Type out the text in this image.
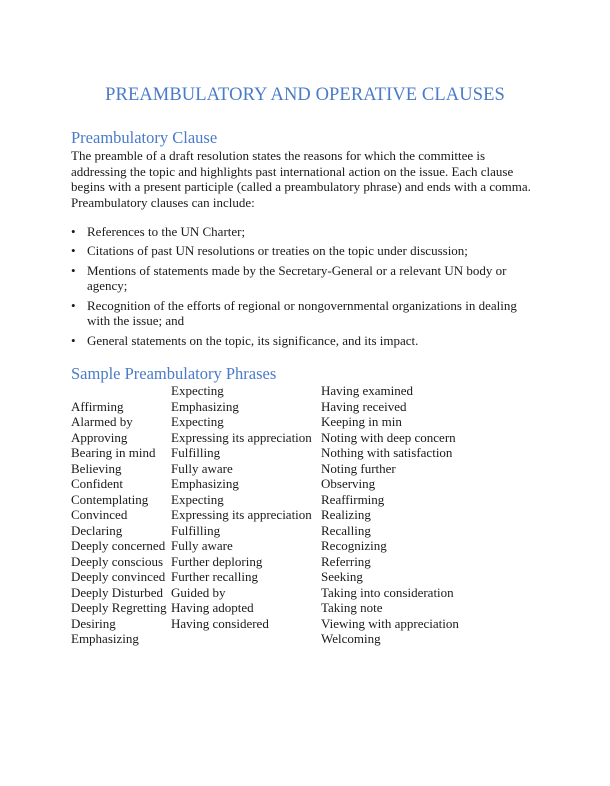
PREAMBULATORY AND OPERATIVE CLAUSES
Preambulatory Clause

The preamble of a draft resolution states the reasons for which the committee is addressing the topic and highlights past international action on the issue. Each clause begins with a present participle (called a preambulatory phrase) and ends with a comma. Preambulatory clauses can include:

• References to the UN Charter;
• Citations of past UN resolutions or treaties on the topic under discussion;
• Mentions of statements made by the Secretary-General or a relevant UN body or agency;
• Recognition of the efforts of regional or nongovernmental organizations in dealing with the issue; and
• General statements on the topic, its significance, and its impact.
Sample Preambulatory Phrases
Affirming
Alarmed by
Approving
Bearing in mind
Believing
Confident
Contemplating
Convinced
Declaring
Deeply concerned
Deeply conscious
Deeply convinced
Deeply Disturbed
Deeply Regretting
Desiring
Emphasizing
Expecting
Emphasizing
Expecting
Expressing its appreciation
Fulfilling
Fully aware
Emphasizing
Expecting
Expressing its appreciation
Fulfilling
Fully aware
Further deploring
Further recalling
Guided by
Having adopted
Having considered
Having examined
Having received
Keeping in min
Noting with deep concern
Nothing with satisfaction
Noting further
Observing
Reaffirming
Realizing
Recalling
Recognizing
Referring
Seeking
Taking into consideration
Taking note
Viewing with appreciation
Welcoming
